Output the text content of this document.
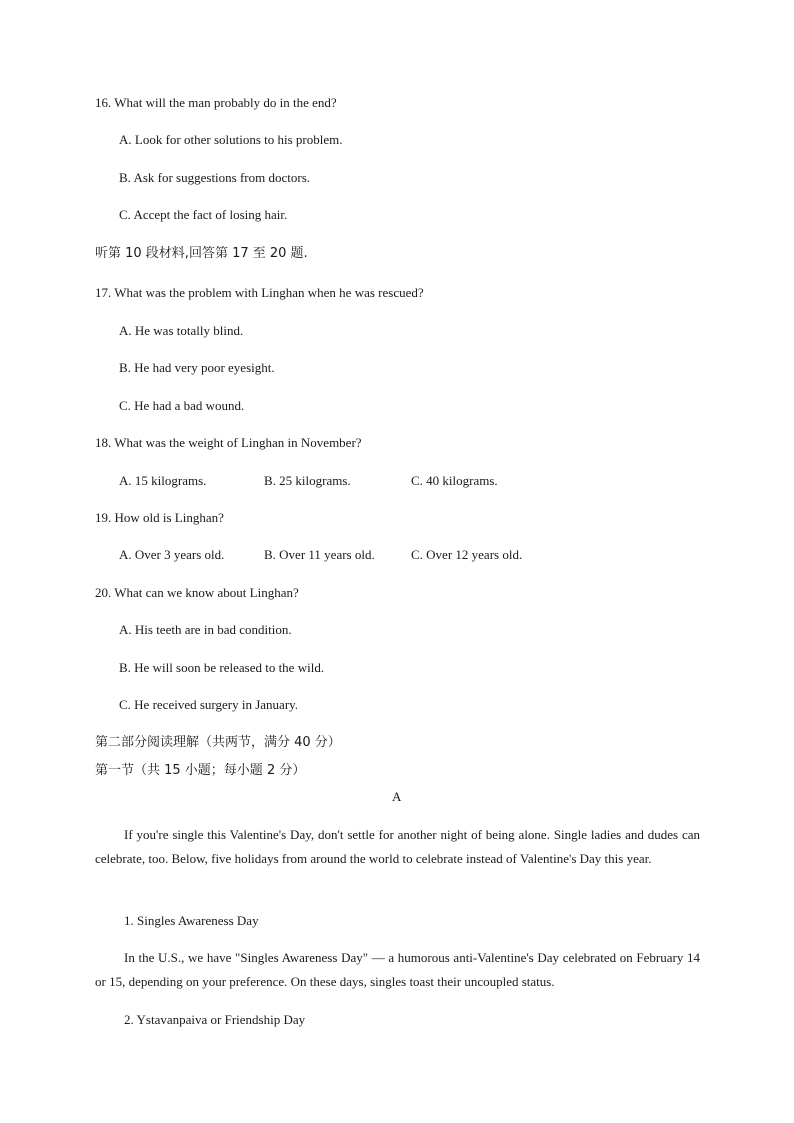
16. What will the man probably do in the end?
A. Look for other solutions to his problem.
B. Ask for suggestions from doctors.
C. Accept the fact of losing hair.
听第 10 段材料,回答第 17 至 20 题.
17. What was the problem with Linghan when he was rescued?
A. He was totally blind.
B. He had very poor eyesight.
C. He had a bad wound.
18. What was the weight of Linghan in November?
A. 15 kilograms.	B. 25 kilograms.	C. 40 kilograms.
19. How old is Linghan?
A. Over 3 years old.	B. Over 11 years old.	C. Over 12 years old.
20. What can we know about Linghan?
A. His teeth are in bad condition.
B. He will soon be released to the wild.
C. He received surgery in January.
第二部分阅读理解（共两节，满分 40 分）
第一节（共 15 小题；每小题 2 分）
A
If you're single this Valentine's Day, don't settle for another night of being alone. Single ladies and dudes can celebrate, too. Below, five holidays from around the world to celebrate instead of Valentine's Day this year.
1. Singles Awareness Day
In the U.S., we have "Singles Awareness Day" — a humorous anti-Valentine's Day celebrated on February 14 or 15, depending on your preference. On these days, singles toast their uncoupled status.
2. Ystavanpaiva or Friendship Day
